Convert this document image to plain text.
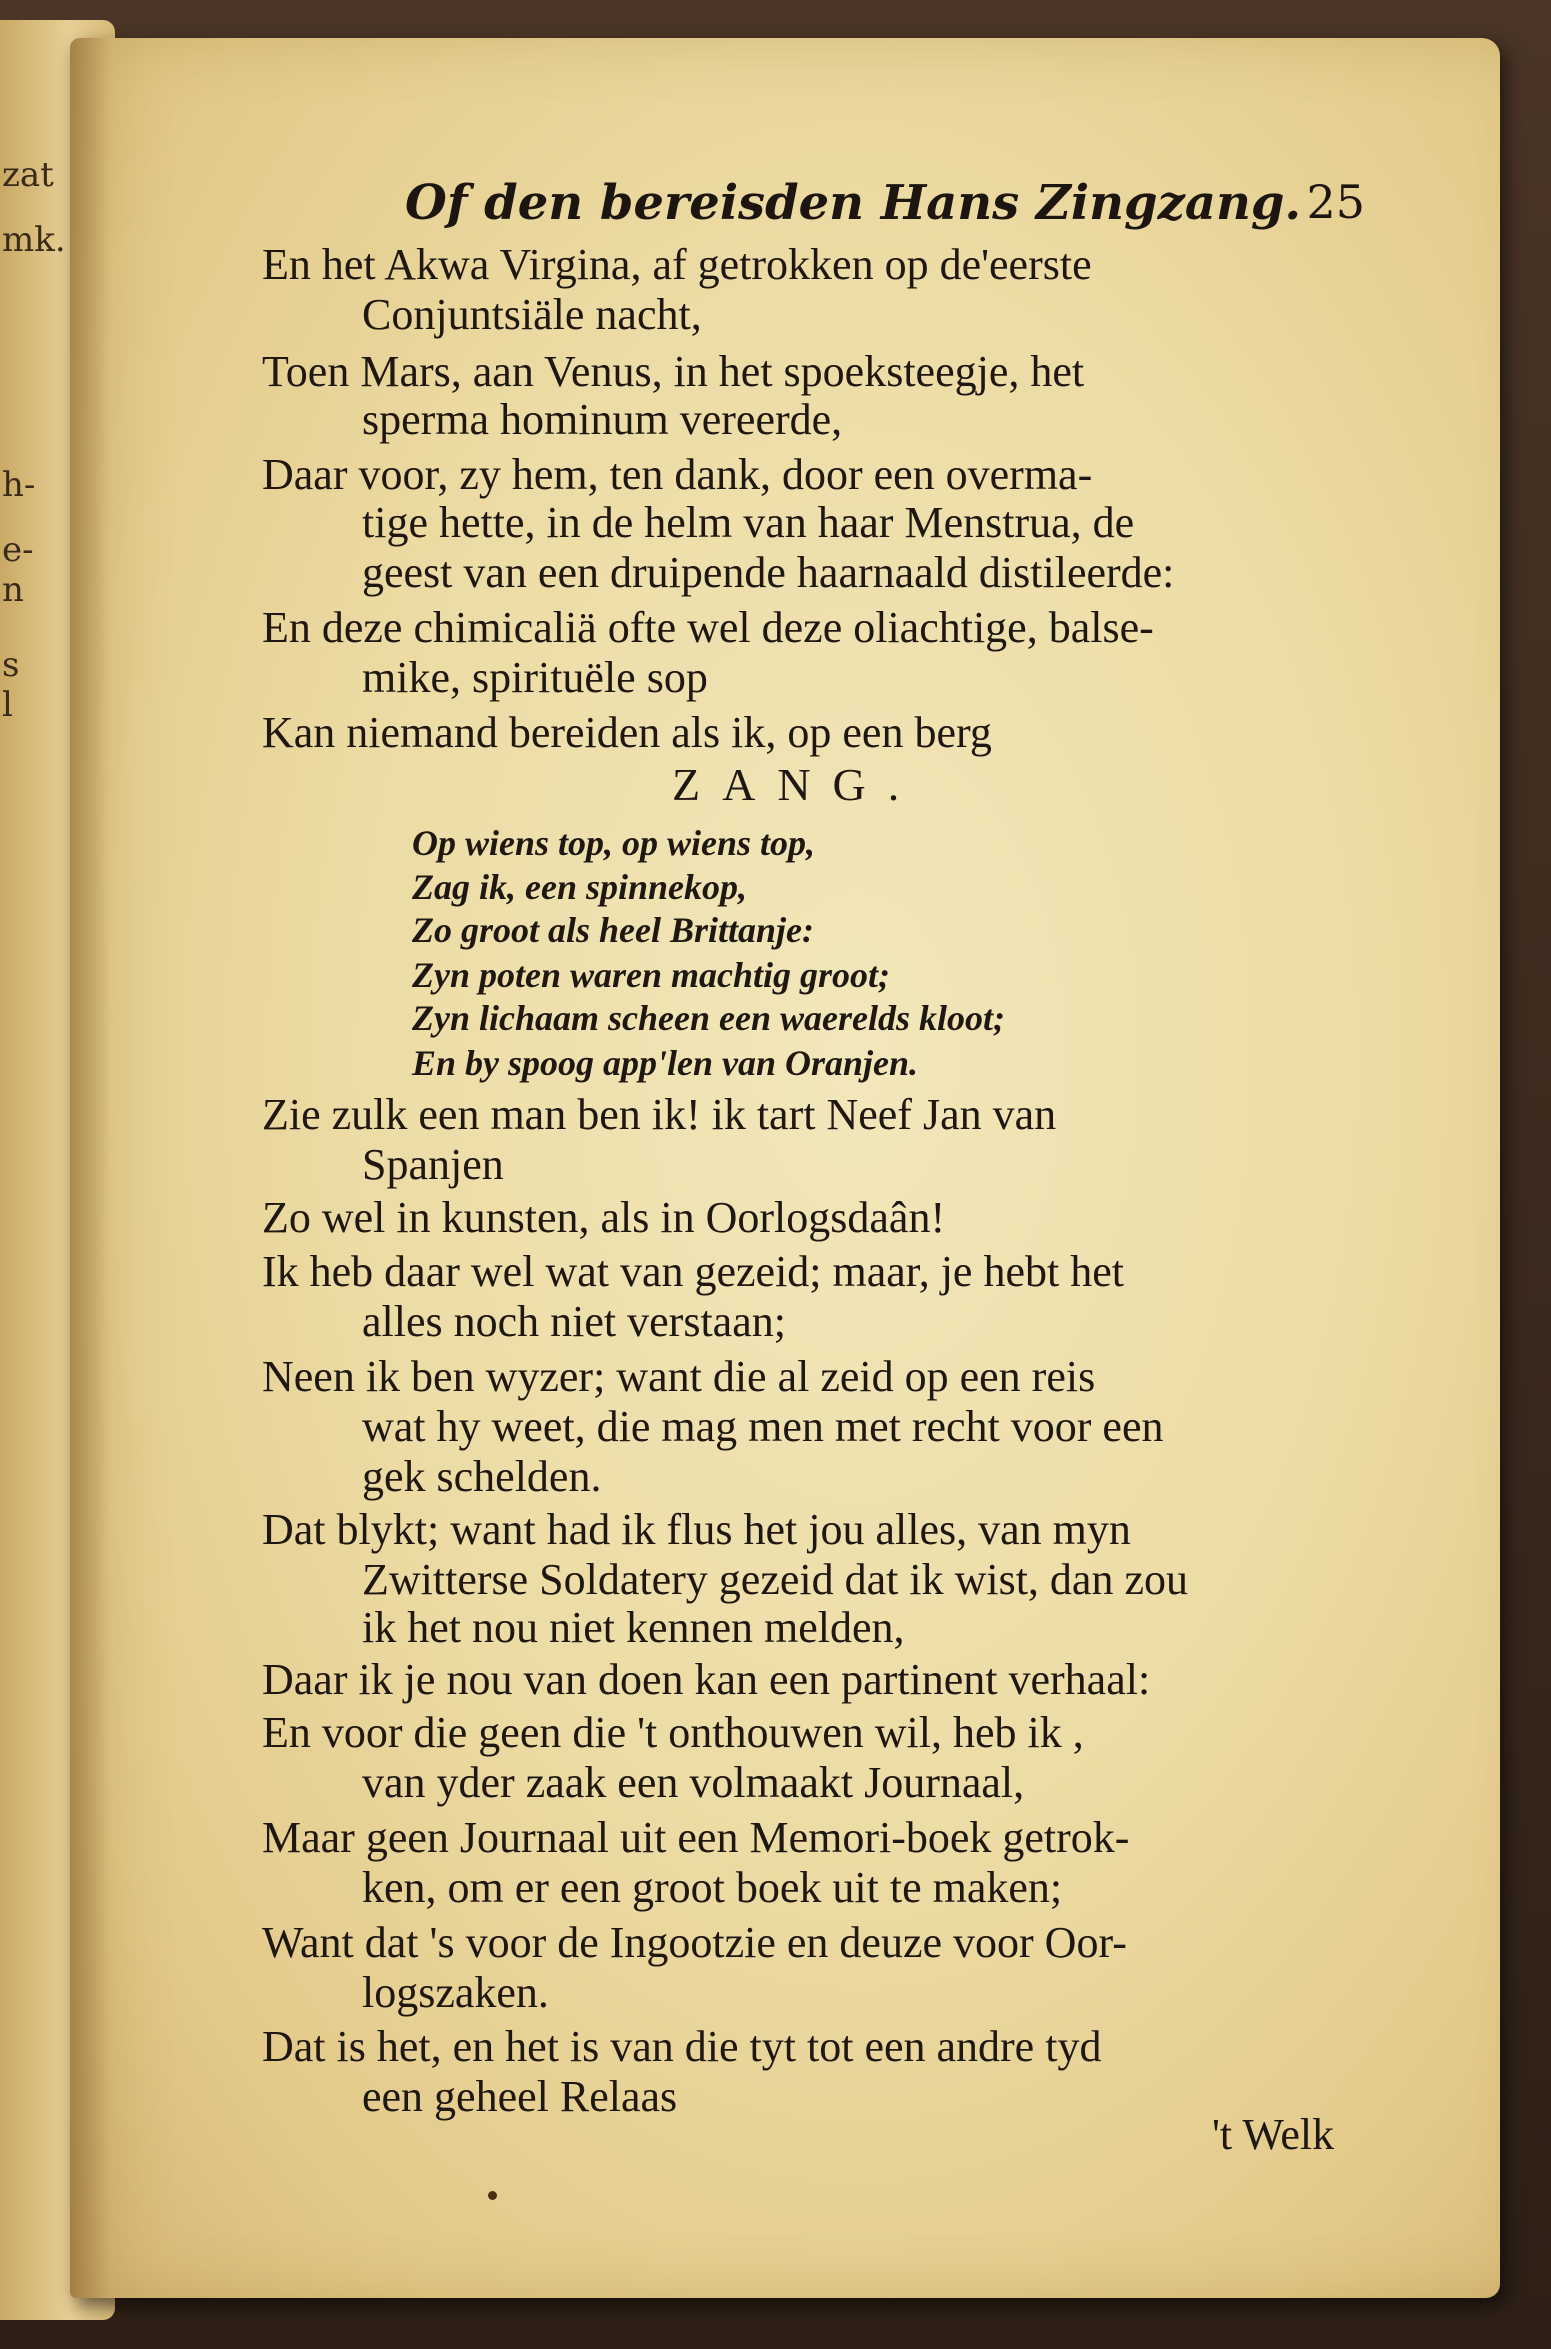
zat
mk.
h-
e-
n
s
l
Of den bereisden Hans Zingzang. 25
En het Akwa Virgina, af getrokken op de'eerste
Conjuntsiäle nacht,
Toen Mars, aan Venus, in het spoeksteegje, het
sperma hominum vereerde,
Daar voor, zy hem, ten dank, door een overma-
tige hette, in de helm van haar Menstrua, de
geest van een druipende haarnaald distileerde:
En deze chimicaliä ofte wel deze oliachtige, balse-
mike, spirituële sop
Kan niemand bereiden als ik, op een berg
ZANG.
Op wiens top, op wiens top,
Zag ik, een spinnekop,
Zo groot als heel Brittanje:
Zyn poten waren machtig groot;
Zyn lichaam scheen een waerelds kloot;
En by spoog app'len van Oranjen.
Zie zulk een man ben ik! ik tart Neef Jan van
Spanjen
Zo wel in kunsten, als in Oorlogsdaân!
Ik heb daar wel wat van gezeid; maar, je hebt het
alles noch niet verstaan;
Neen ik ben wyzer; want die al zeid op een reis
wat hy weet, die mag men met recht voor een
gek schelden.
Dat blykt; want had ik flus het jou alles, van myn
Zwitterse Soldatery gezeid dat ik wist, dan zou
ik het nou niet kennen melden,
Daar ik je nou van doen kan een partinent verhaal:
En voor die geen die 't onthouwen wil, heb ik ,
van yder zaak een volmaakt Journaal,
Maar geen Journaal uit een Memori-boek getrok-
ken, om er een groot boek uit te maken;
Want dat 's voor de Ingootzie en deuze voor Oor-
logszaken.
Dat is het, en het is van die tyt tot een andre tyd
een geheel Relaas
't Welk
